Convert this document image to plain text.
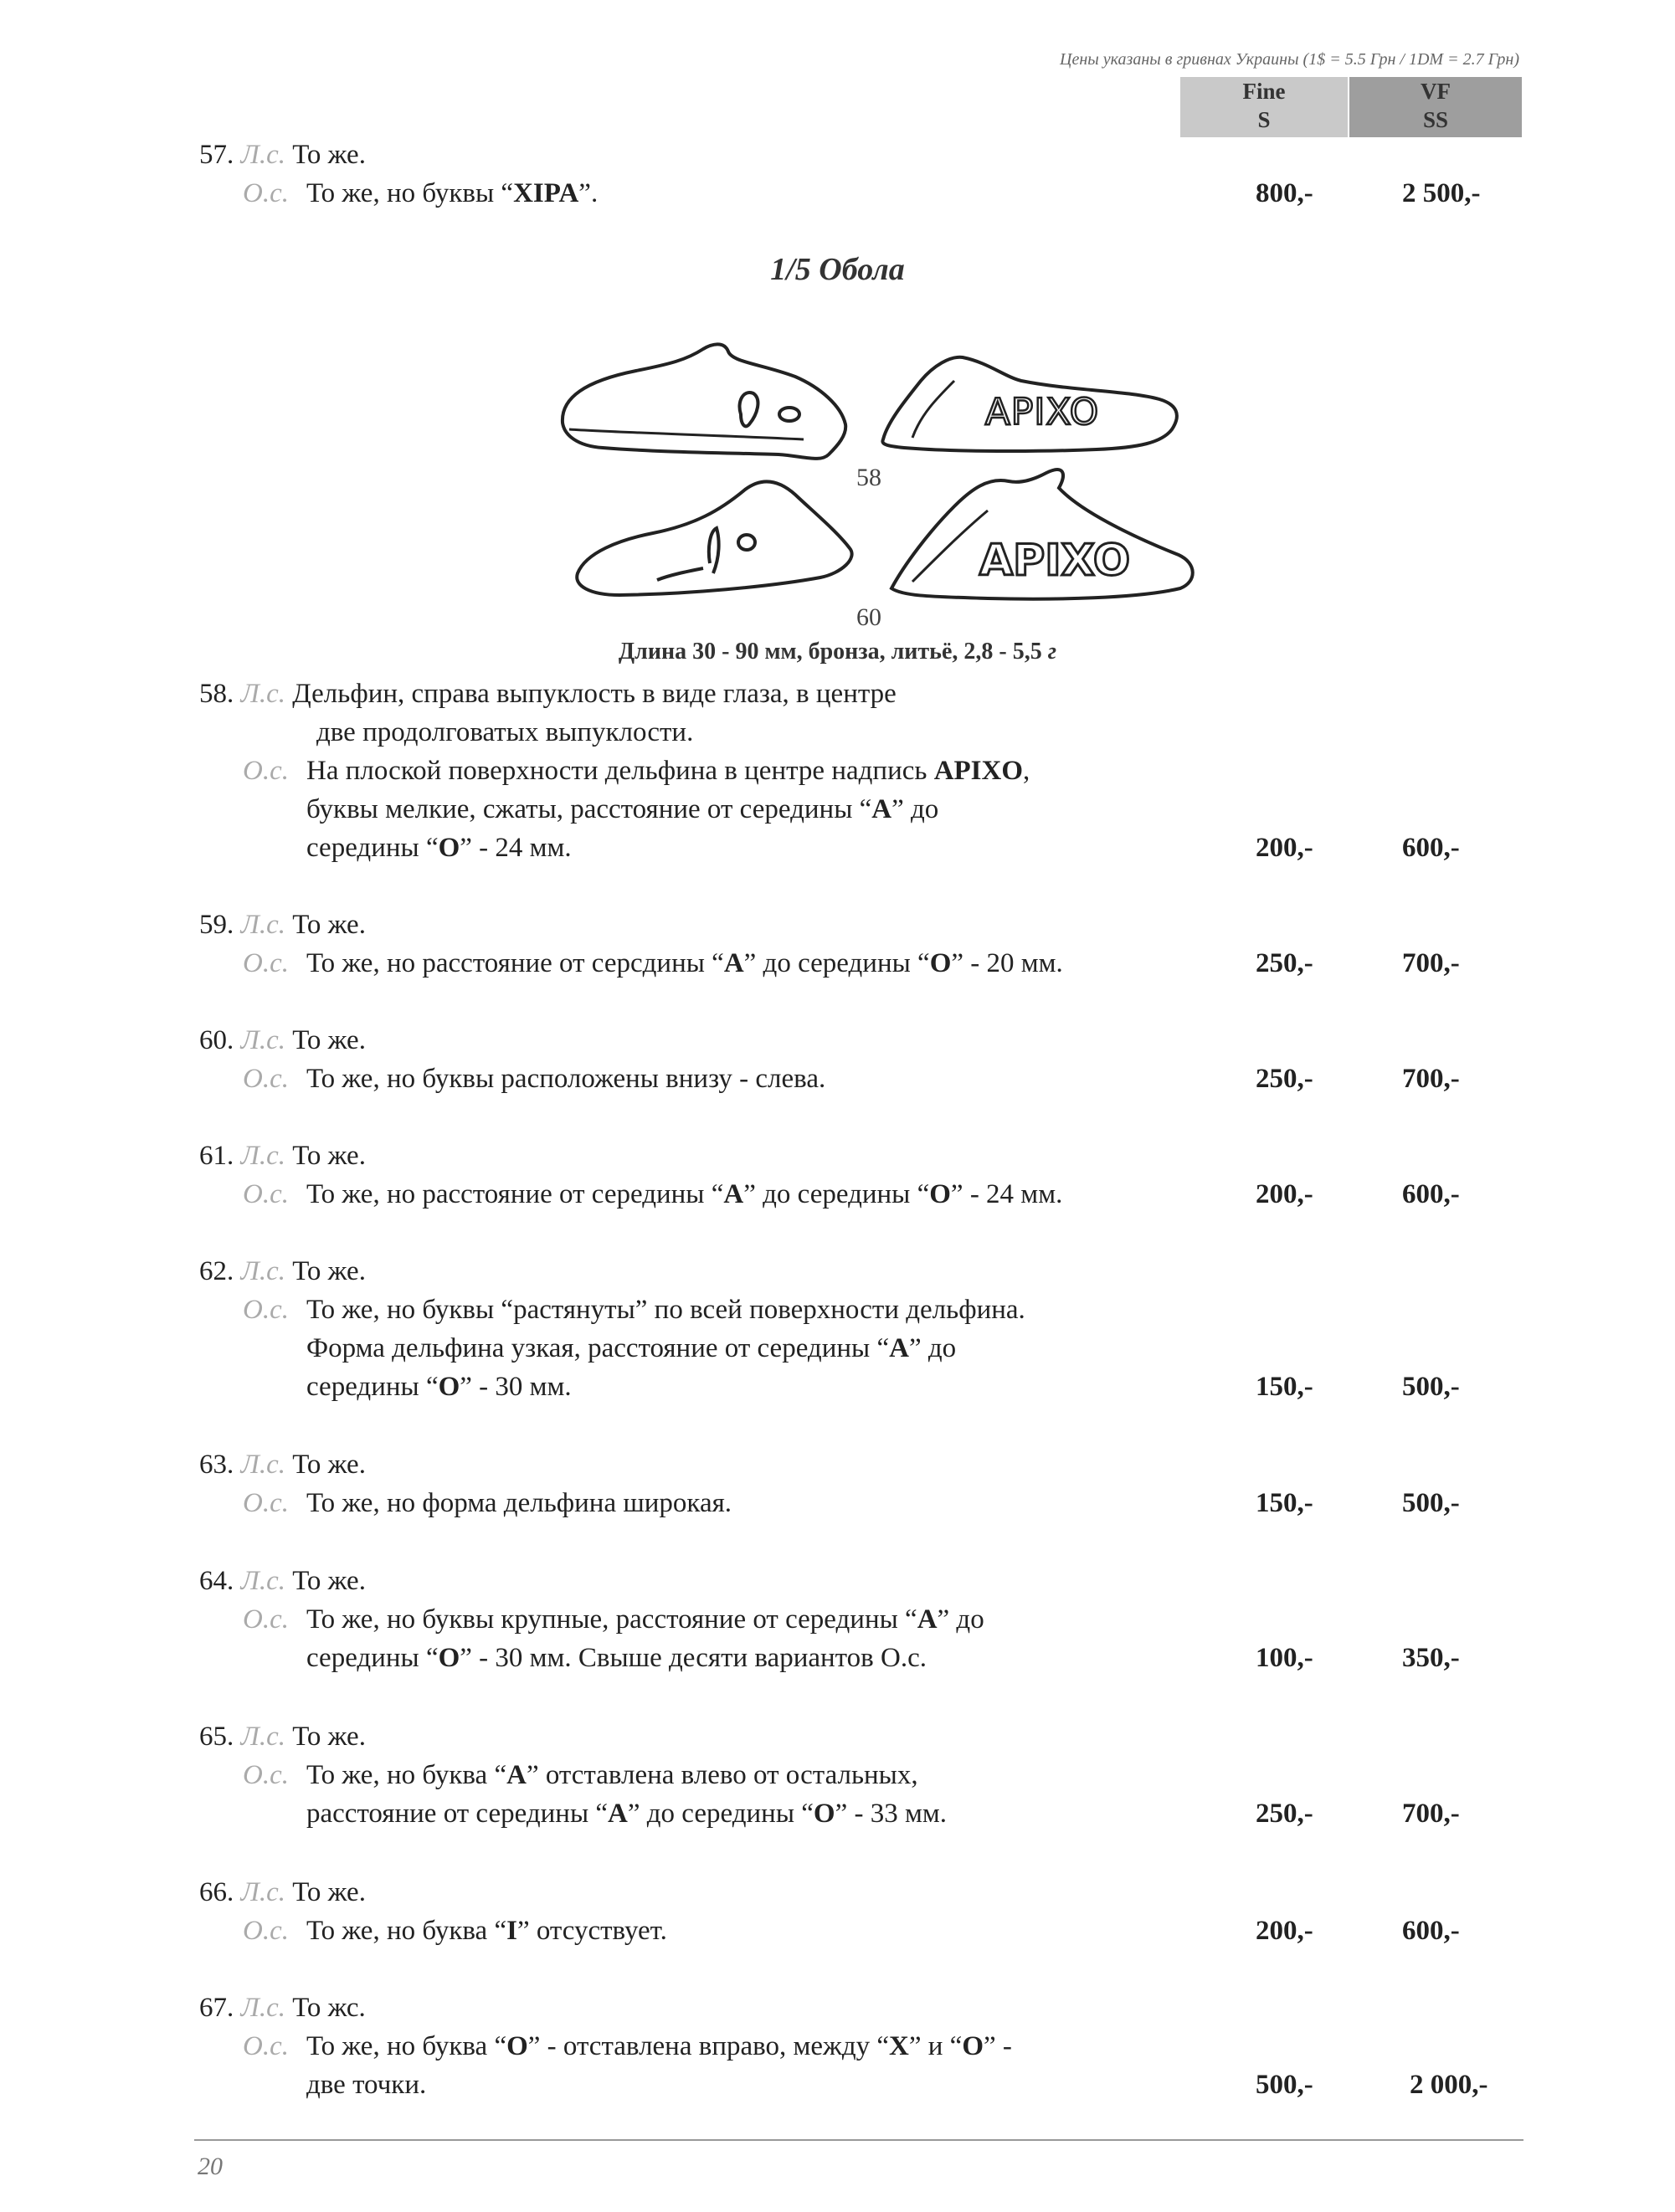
Цены указаны в гривнах Украины (1$ = 5.5 Грн / 1DM = 2.7 Грн)
Fine
S
VF
SS
57. Л.с. То же.
О.с. То же, но буквы “XIPA”.	800,-	2 500,-
1/5 Обола
APIXO
APIXO
58
60
Длина 30 - 90 мм, бронза, литьё, 2,8 - 5,5 г
58. Л.с. Дельфин, справа выпуклость в виде глаза, в центре
две продолговатых выпуклости.
О.с. На плоской поверхности дельфина в центре надпись APIXO,
буквы мелкие, сжаты, расстояние от середины “A” до
середины “O” - 24 мм.	200,-	600,-
59. Л.с. То же.
О.с. То же, но расстояние от серсдины “A” до середины “O” - 20 мм.	250,-	700,-
60. Л.с. То же.
О.с. То же, но буквы расположены внизу - слева.	250,-	700,-
61. Л.с. То же.
О.с. То же, но расстояние от середины “A” до середины “O” - 24 мм.	200,-	600,-
62. Л.с. То же.
О.с. То же, но буквы “растянуты” по всей поверхности дельфина.
Форма дельфина узкая, расстояние от середины “A” до
середины “O” - 30 мм.	150,-	500,-
63. Л.с. То же.
О.с. То же, но форма дельфина широкая.	150,-	500,-
64. Л.с. То же.
О.с. То же, но буквы крупные, расстояние от середины “A” до
середины “O” - 30 мм. Свыше десяти вариантов О.с.	100,-	350,-
65. Л.с. То же.
О.с. То же, но буква “A” отставлена влево от остальных,
расстояние от середины “A” до середины “O” - 33 мм.	250,-	700,-
66. Л.с. То же.
О.с. То же, но буква “I” отсуствует.	200,-	600,-
67. Л.с. То жс.
О.с. То же, но буква “O” - отставлена вправо, между “X” и “O” -
две точки.	500,-	2 000,-
20
